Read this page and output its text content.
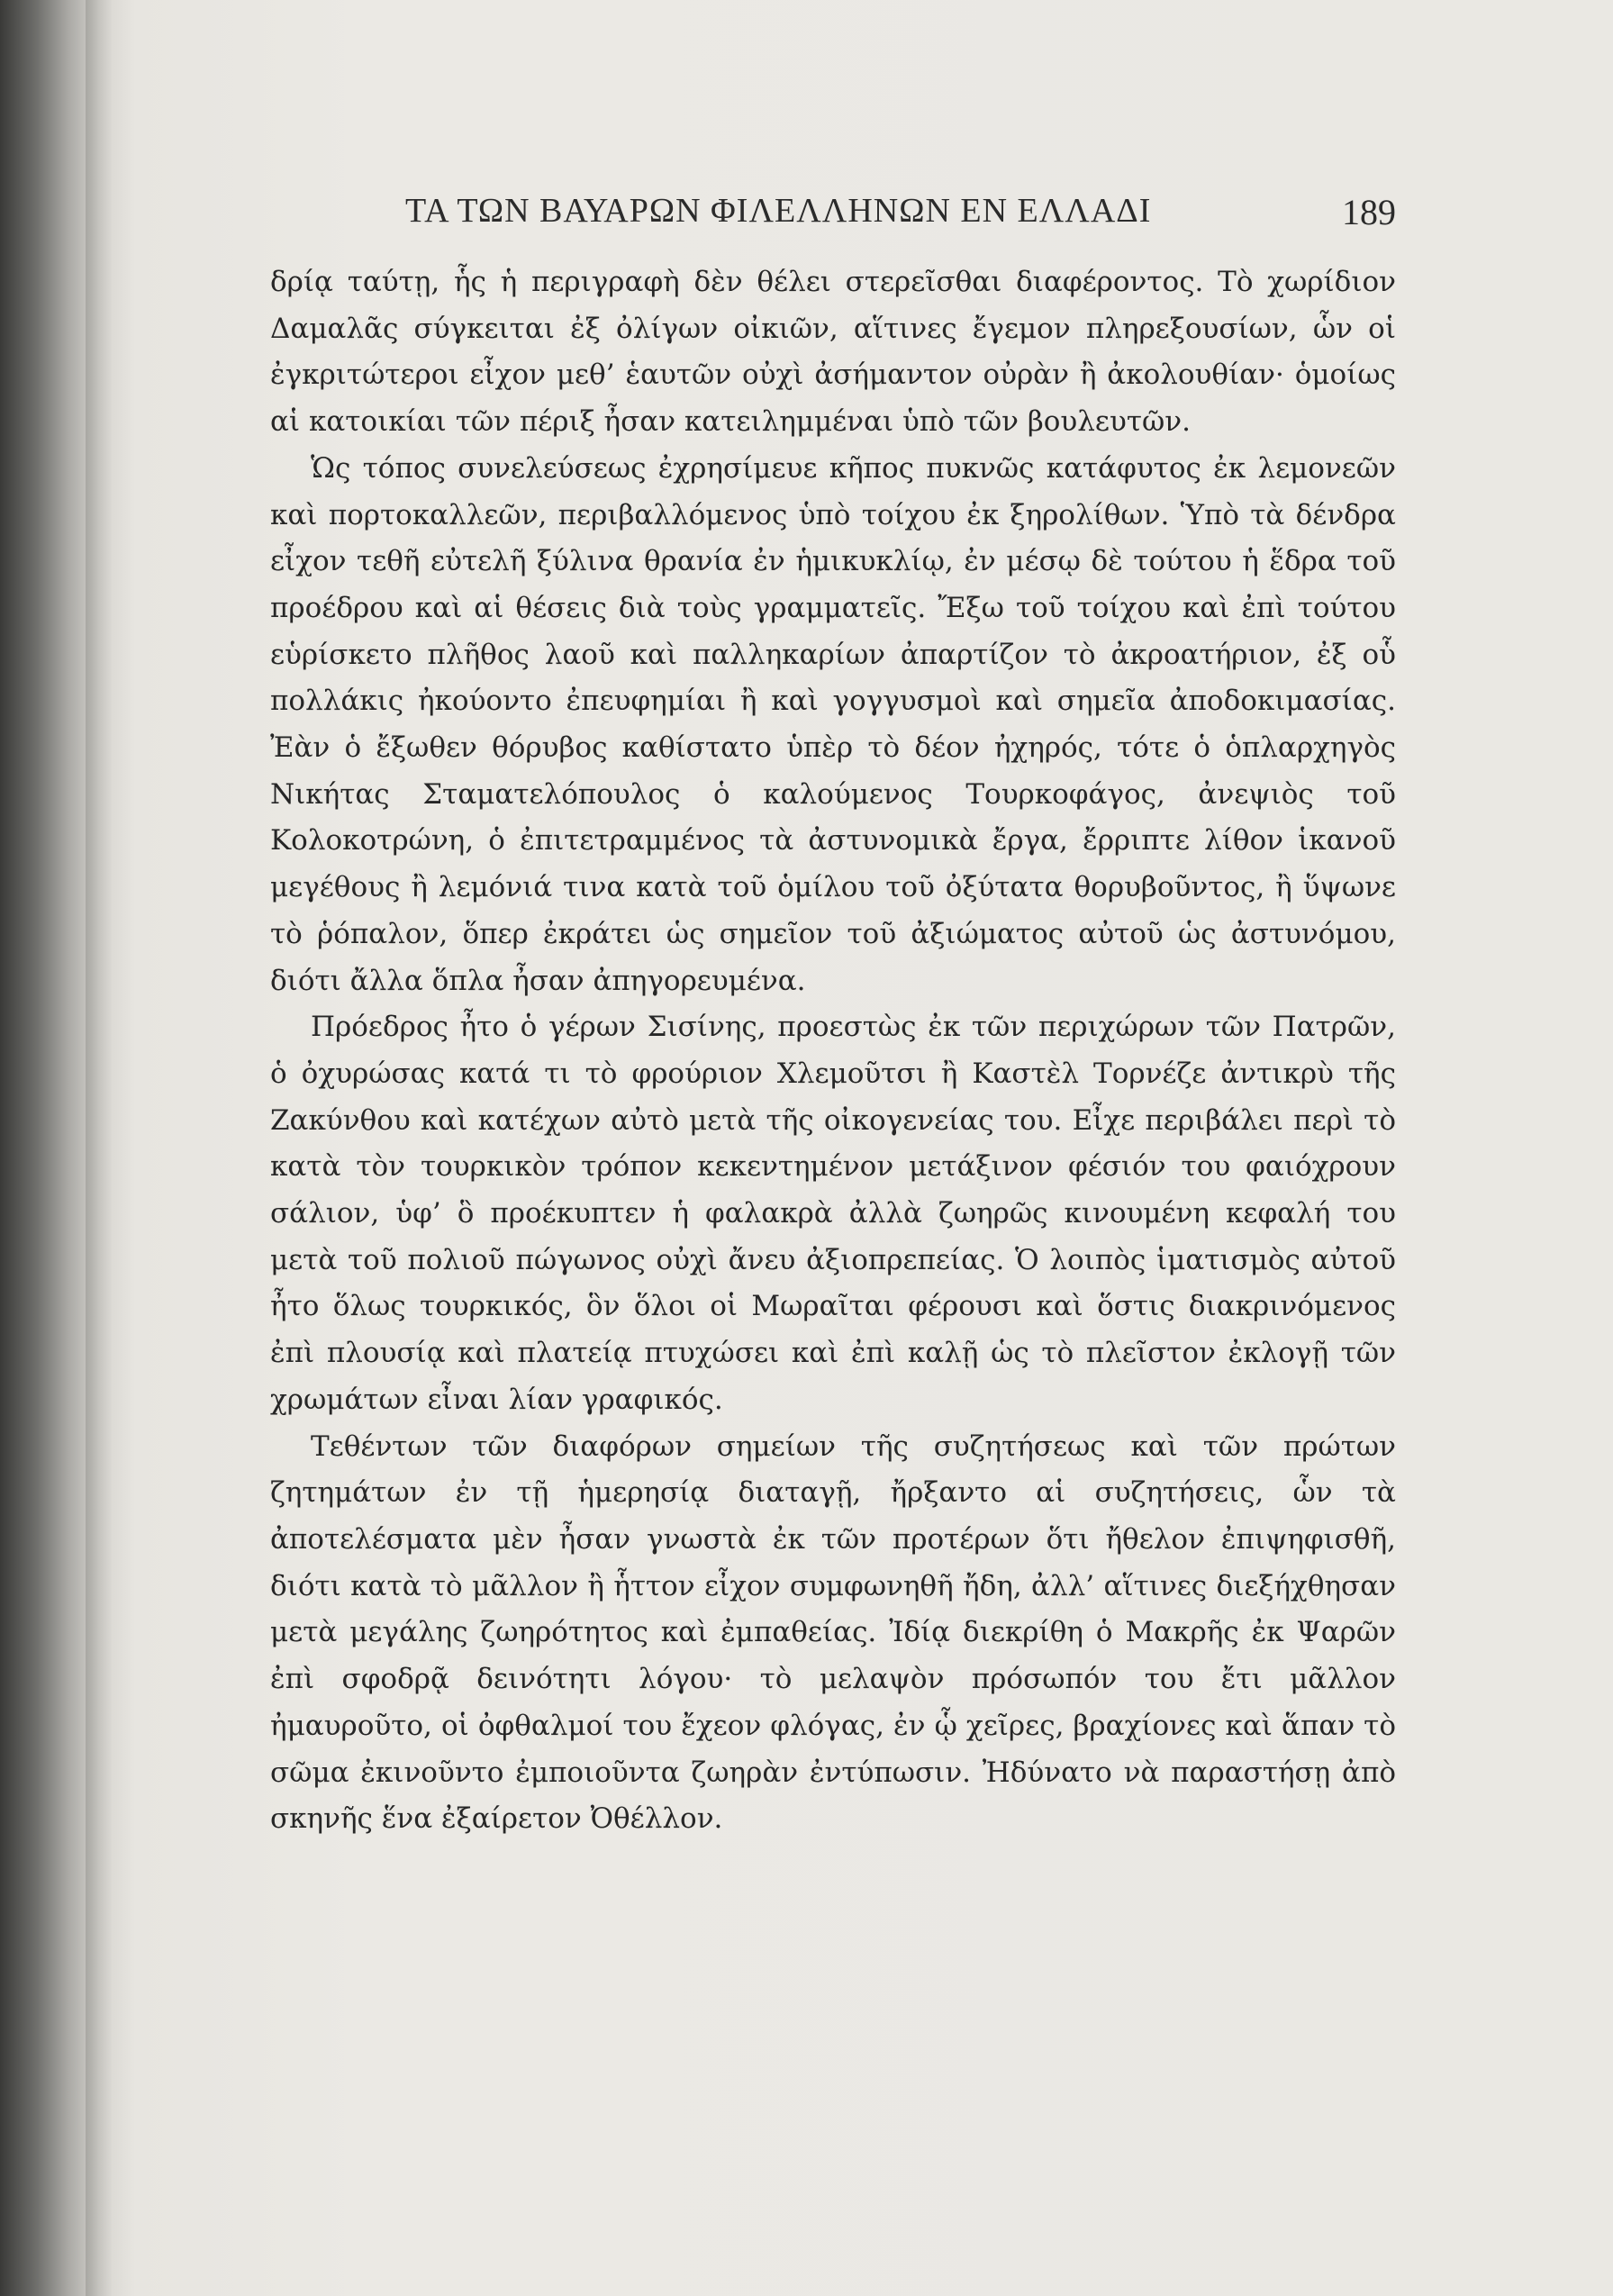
ΤΑ ΤΩΝ ΒΑΥΑΡΩΝ ΦΙΛΕΛΛΗΝΩΝ ΕΝ ΕΛΛΑΔΙ	189

δρίᾳ ταύτῃ, ἧς ἡ περιγραφὴ δὲν θέλει στερεῖσθαι διαφέροντος. Τὸ χωρίδιον Δαμαλᾶς σύγκειται ἐξ ὀλίγων οἰκιῶν, αἵτινες ἔγεμον πληρεξουσίων, ὧν οἱ ἐγκριτώτεροι εἶχον μεθ’ ἑαυτῶν οὐχὶ ἀσήμαντον οὐρὰν ἢ ἀκολουθίαν· ὁμοίως αἱ κατοικίαι τῶν πέριξ ἦσαν κατειλημμέναι ὑπὸ τῶν βουλευτῶν.

Ὡς τόπος συνελεύσεως ἐχρησίμευε κῆπος πυκνῶς κατάφυτος ἐκ λεμονεῶν καὶ πορτοκαλλεῶν, περιβαλλόμενος ὑπὸ τοίχου ἐκ ξηρολίθων. Ὑπὸ τὰ δένδρα εἶχον τεθῆ εὐτελῆ ξύλινα θρανία ἐν ἡμικυκλίῳ, ἐν μέσῳ δὲ τούτου ἡ ἕδρα τοῦ προέδρου καὶ αἱ θέσεις διὰ τοὺς γραμματεῖς. Ἔξω τοῦ τοίχου καὶ ἐπὶ τούτου εὑρίσκετο πλῆθος λαοῦ καὶ παλληκαρίων ἀπαρτίζον τὸ ἀκροατήριον, ἐξ οὗ πολλάκις ἠκούοντο ἐπευφημίαι ἢ καὶ γογγυσμοὶ καὶ σημεῖα ἀποδοκιμασίας. Ἐὰν ὁ ἔξωθεν θόρυβος καθίστατο ὑπὲρ τὸ δέον ἠχηρός, τότε ὁ ὁπλαρχηγὸς Νικήτας Σταματελόπουλος ὁ καλούμενος Τουρκοφάγος, ἀνεψιὸς τοῦ Κολοκοτρώνη, ὁ ἐπιτετραμμένος τὰ ἀστυνομικὰ ἔργα, ἔρριπτε λίθον ἱκανοῦ μεγέθους ἢ λεμόνιά τινα κατὰ τοῦ ὁμίλου τοῦ ὀξύτατα θορυβοῦντος, ἢ ὕψωνε τὸ ῥόπαλον, ὅπερ ἐκράτει ὡς σημεῖον τοῦ ἀξιώματος αὐτοῦ ὡς ἀστυνόμου, διότι ἄλλα ὅπλα ἦσαν ἀπηγορευμένα.

Πρόεδρος ἦτο ὁ γέρων Σισίνης, προεστὼς ἐκ τῶν περιχώρων τῶν Πατρῶν, ὁ ὀχυρώσας κατά τι τὸ φρούριον Χλεμοῦτσι ἢ Καστὲλ Τορνέζε ἀντικρὺ τῆς Ζακύνθου καὶ κατέχων αὐτὸ μετὰ τῆς οἰκογενείας του. Εἶχε περιβάλει περὶ τὸ κατὰ τὸν τουρκικὸν τρόπον κεκεντημένον μετάξινον φέσιόν του φαιόχρουν σάλιον, ὑφ’ ὃ προέκυπτεν ἡ φαλακρὰ ἀλλὰ ζωηρῶς κινουμένη κεφαλή του μετὰ τοῦ πολιοῦ πώγωνος οὐχὶ ἄνευ ἀξιοπρεπείας. Ὁ λοιπὸς ἱματισμὸς αὐτοῦ ἦτο ὅλως τουρκικός, ὃν ὅλοι οἱ Μωραῖται φέρουσι καὶ ὅστις διακρινόμενος ἐπὶ πλουσίᾳ καὶ πλατείᾳ πτυχώσει καὶ ἐπὶ καλῇ ὡς τὸ πλεῖστον ἐκλογῇ τῶν χρωμάτων εἶναι λίαν γραφικός.

Τεθέντων τῶν διαφόρων σημείων τῆς συζητήσεως καὶ τῶν πρώτων ζητημάτων ἐν τῇ ἡμερησίᾳ διαταγῇ, ἤρξαντο αἱ συζητήσεις, ὧν τὰ ἀποτελέσματα μὲν ἦσαν γνωστὰ ἐκ τῶν προτέρων ὅτι ἤθελον ἐπιψηφισθῆ, διότι κατὰ τὸ μᾶλλον ἢ ἧττον εἶχον συμφωνηθῆ ἤδη, ἀλλ’ αἵτινες διεξήχθησαν μετὰ μεγάλης ζωηρότητος καὶ ἐμπαθείας. Ἰδίᾳ διεκρίθη ὁ Μακρῆς ἐκ Ψαρῶν ἐπὶ σφοδρᾷ δεινότητι λόγου· τὸ μελαψὸν πρόσωπόν του ἔτι μᾶλλον ἠμαυροῦτο, οἱ ὀφθαλμοί του ἔχεον φλόγας, ἐν ᾧ χεῖρες, βραχίονες καὶ ἅπαν τὸ σῶμα ἐκινοῦντο ἐμποιοῦντα ζωηρὰν ἐντύπωσιν. Ἠδύνατο νὰ παραστήσῃ ἀπὸ σκηνῆς ἕνα ἐξαίρετον Ὀθέλλον.
